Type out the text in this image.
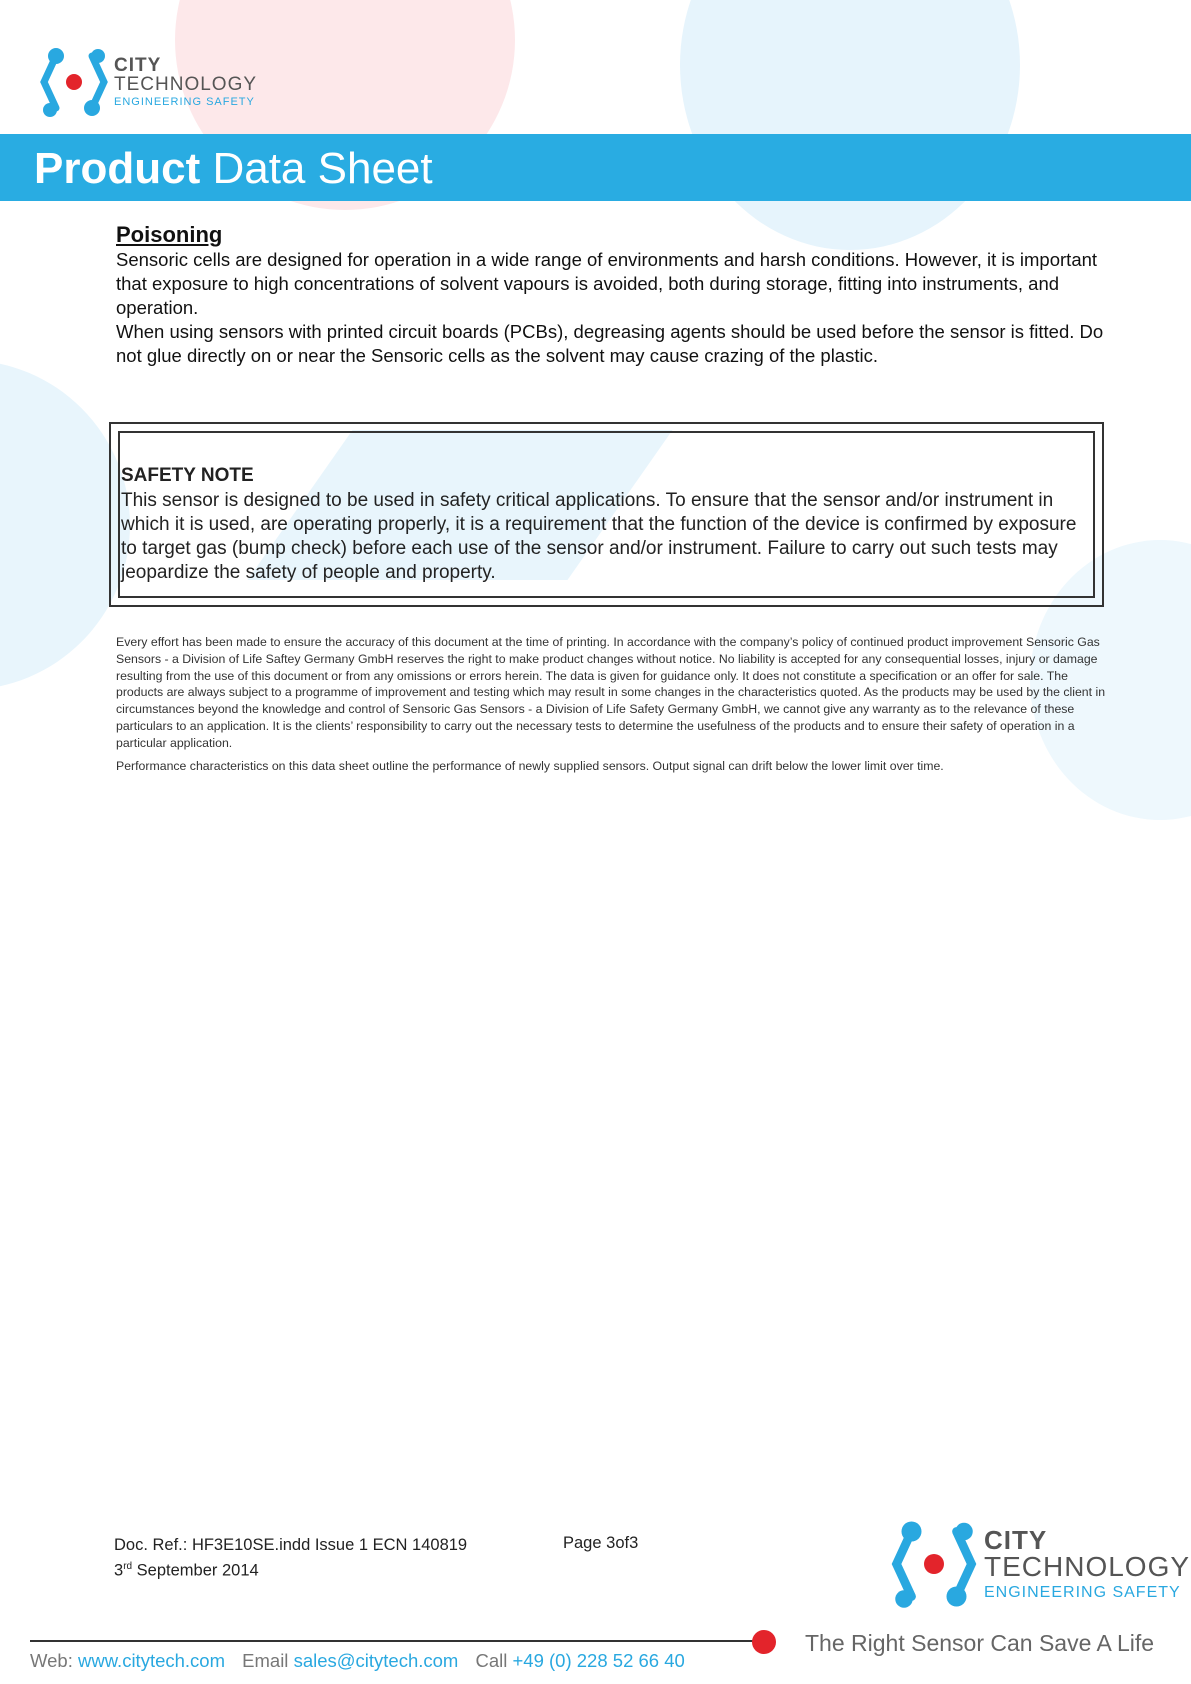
CITY
TECHNOLOGY
ENGINEERING SAFETY
Product Data Sheet
Poisoning

Sensoric cells are designed for operation in a wide range of environments and harsh conditions. However, it is important that exposure to high concentrations of solvent vapours is avoided, both during storage, fitting into instruments, and operation.

When using sensors with printed circuit boards (PCBs), degreasing agents should be used before the sensor is fitted. Do not glue directly on or near the Sensoric cells as the solvent may cause crazing of the plastic.

SAFETY NOTE

This sensor is designed to be used in safety critical applications. To ensure that the sensor and/or instrument in which it is used, are operating properly, it is a requirement that the function of the device is confirmed by exposure to target gas (bump check) before each use of the sensor and/or instrument. Failure to carry out such tests may jeopardize the safety of people and property.

Every effort has been made to ensure the accuracy of this document at the time of printing. In accordance with the company’s policy of continued product improvement Sensoric Gas Sensors - a Division of Life Saftey Germany GmbH reserves the right to make product changes without notice. No liability is accepted for any consequential losses, injury or damage resulting from the use of this document or from any omissions or errors herein. The data is given for guidance only. It does not constitute a specification or an offer for sale. The products are always subject to a programme of improvement and testing which may result in some changes in the characteristics quoted. As the products may be used by the client in circumstances beyond the knowledge and control of Sensoric Gas Sensors - a Division of Life Safety Germany GmbH, we cannot give any warranty as to the relevance of these particulars to an application. It is the clients’ responsibility to carry out the necessary tests to determine the usefulness of the products and to ensure their safety of operation in a particular application.

Performance characteristics on this data sheet outline the performance of newly supplied sensors. Output signal can drift below the lower limit over time.

Doc. Ref.: HF3E10SE.indd Issue 1 ECN 140819
3rd September 2014
Page 3of3	CITY
TECHNOLOGY
ENGINEERING SAFETY
The Right Sensor Can Save A Life
Web: www.citytech.com Email sales@citytech.com Call +49 (0) 228 52 66 40
